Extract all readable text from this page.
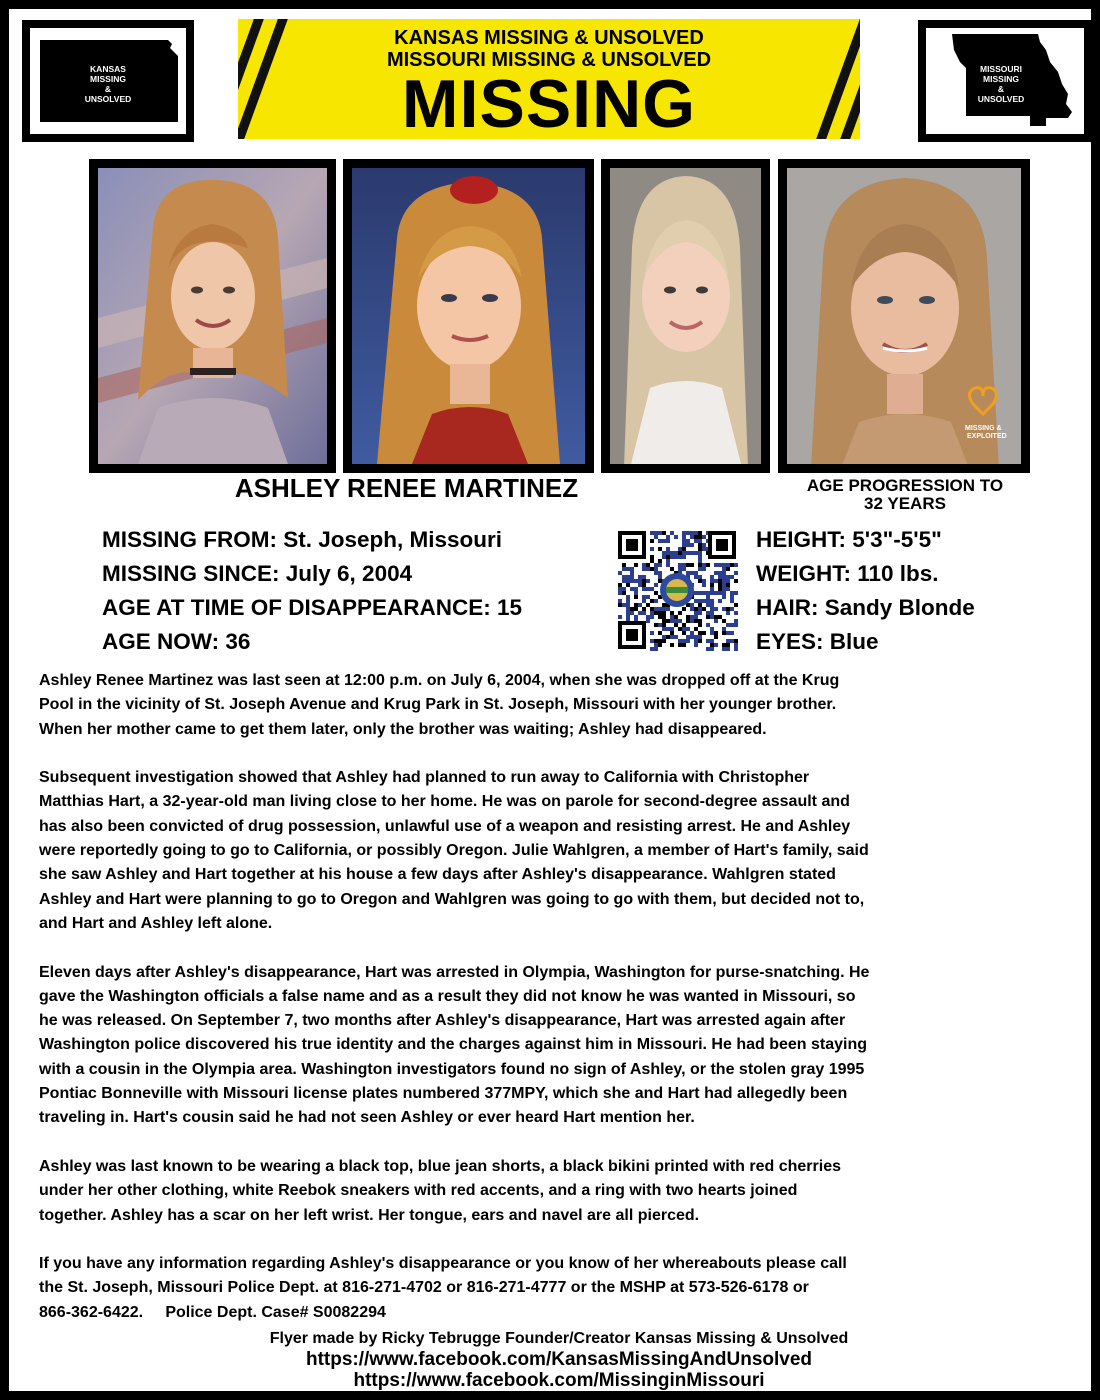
KANSAS
MISSING
&
UNSOLVED
KANSAS MISSING & UNSOLVED
MISSOURI MISSING & UNSOLVED
MISSING	MISSOURI
MISSING
&
UNSOLVED
MISSING &
EXPLOITED
ASHLEY RENEE MARTINEZ	AGE PROGRESSION TO
32 YEARS
MISSING FROM: St. Joseph, Missouri
MISSING SINCE: July 6, 2004
AGE AT TIME OF DISAPPEARANCE: 15
AGE NOW: 36
HEIGHT: 5'3"-5'5"
WEIGHT: 110 lbs.
HAIR: Sandy Blonde
EYES: Blue

Ashley Renee Martinez was last seen at 12:00 p.m. on July 6, 2004, when she was dropped off at the Krug
Pool in the vicinity of St. Joseph Avenue and Krug Park in St. Joseph, Missouri with her younger brother.
When her mother came to get them later, only the brother was waiting; Ashley had disappeared.

Subsequent investigation showed that Ashley had planned to run away to California with Christopher
Matthias Hart, a 32-year-old man living close to her home. He was on parole for second-degree assault and
has also been convicted of drug possession, unlawful use of a weapon and resisting arrest. He and Ashley
were reportedly going to go to California, or possibly Oregon. Julie Wahlgren, a member of Hart's family, said
she saw Ashley and Hart together at his house a few days after Ashley's disappearance. Wahlgren stated
Ashley and Hart were planning to go to Oregon and Wahlgren was going to go with them, but decided not to,
and Hart and Ashley left alone.

Eleven days after Ashley's disappearance, Hart was arrested in Olympia, Washington for purse-snatching. He
gave the Washington officials a false name and as a result they did not know he was wanted in Missouri, so
he was released. On September 7, two months after Ashley's disappearance, Hart was arrested again after
Washington police discovered his true identity and the charges against him in Missouri. He had been staying
with a cousin in the Olympia area. Washington investigators found no sign of Ashley, or the stolen gray 1995
Pontiac Bonneville with Missouri license plates numbered 377MPY, which she and Hart had allegedly been
traveling in. Hart's cousin said he had not seen Ashley or ever heard Hart mention her.

Ashley was last known to be wearing a black top, blue jean shorts, a black bikini printed with red cherries
under her other clothing, white Reebok sneakers with red accents, and a ring with two hearts joined
together. Ashley has a scar on her left wrist. Her tongue, ears and navel are all pierced.

If you have any information regarding Ashley's disappearance or you know of her whereabouts please call
the St. Joseph, Missouri Police Dept. at 816-271-4702 or 816-271-4777 or the MSHP at 573-526-6178 or
866-362-6422.     Police Dept. Case# S0082294

Flyer made by Ricky Tebrugge Founder/Creator Kansas Missing & Unsolved
https://www.facebook.com/KansasMissingAndUnsolved
https://www.facebook.com/MissinginMissouri
